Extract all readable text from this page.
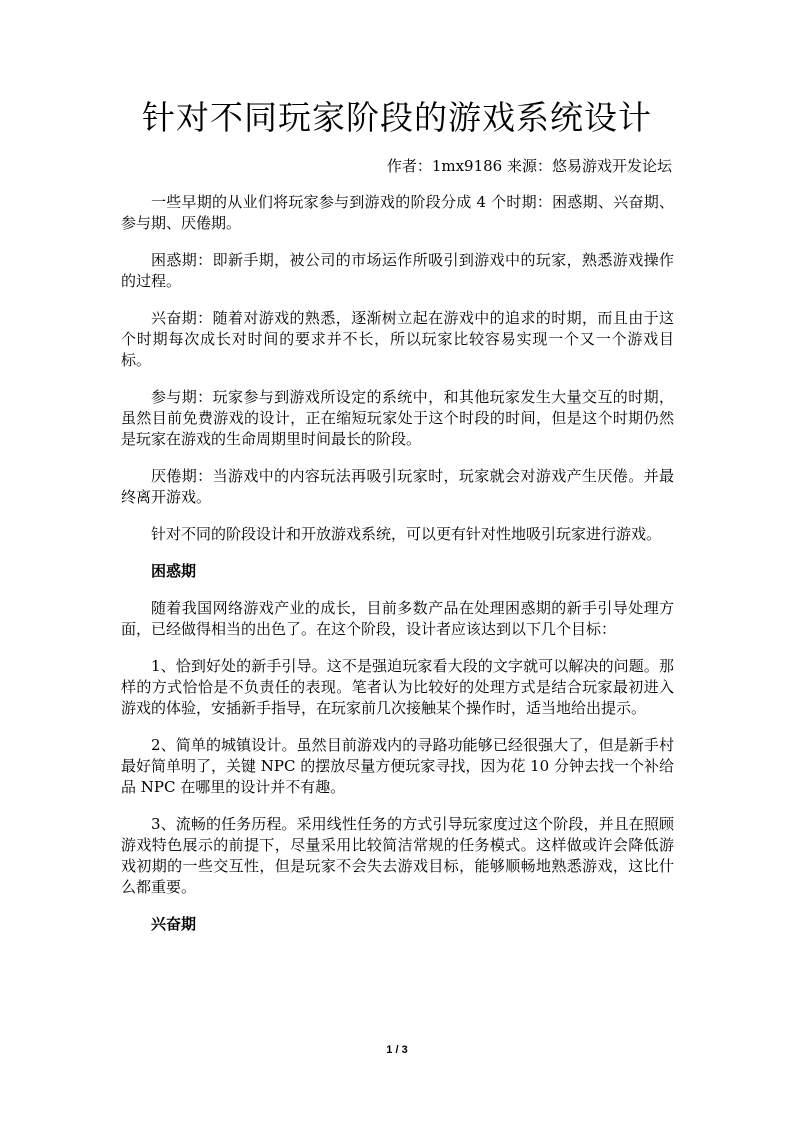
针对不同玩家阶段的游戏系统设计

作者：1mx9186 来源：悠易游戏开发论坛

一些早期的从业们将玩家参与到游戏的阶段分成 4 个时期：困惑期、兴奋期、参与期、厌倦期。

困惑期：即新手期，被公司的市场运作所吸引到游戏中的玩家，熟悉游戏操作的过程。

兴奋期：随着对游戏的熟悉，逐渐树立起在游戏中的追求的时期，而且由于这个时期每次成长对时间的要求并不长，所以玩家比较容易实现一个又一个游戏目标。

参与期：玩家参与到游戏所设定的系统中，和其他玩家发生大量交互的时期，虽然目前免费游戏的设计，正在缩短玩家处于这个时段的时间，但是这个时期仍然是玩家在游戏的生命周期里时间最长的阶段。

厌倦期：当游戏中的内容玩法再吸引玩家时，玩家就会对游戏产生厌倦。并最终离开游戏。

针对不同的阶段设计和开放游戏系统，可以更有针对性地吸引玩家进行游戏。

困惑期

随着我国网络游戏产业的成长，目前多数产品在处理困惑期的新手引导处理方面，已经做得相当的出色了。在这个阶段，设计者应该达到以下几个目标：

1、恰到好处的新手引导。这不是强迫玩家看大段的文字就可以解决的问题。那样的方式恰恰是不负责任的表现。笔者认为比较好的处理方式是结合玩家最初进入游戏的体验，安插新手指导，在玩家前几次接触某个操作时，适当地给出提示。

2、简单的城镇设计。虽然目前游戏内的寻路功能够已经很强大了，但是新手村最好简单明了，关键 NPC 的摆放尽量方便玩家寻找，因为花 10 分钟去找一个补给品 NPC 在哪里的设计并不有趣。

3、流畅的任务历程。采用线性任务的方式引导玩家度过这个阶段，并且在照顾游戏特色展示的前提下，尽量采用比较简洁常规的任务模式。这样做或许会降低游戏初期的一些交互性，但是玩家不会失去游戏目标，能够顺畅地熟悉游戏，这比什么都重要。

兴奋期

1 / 3
